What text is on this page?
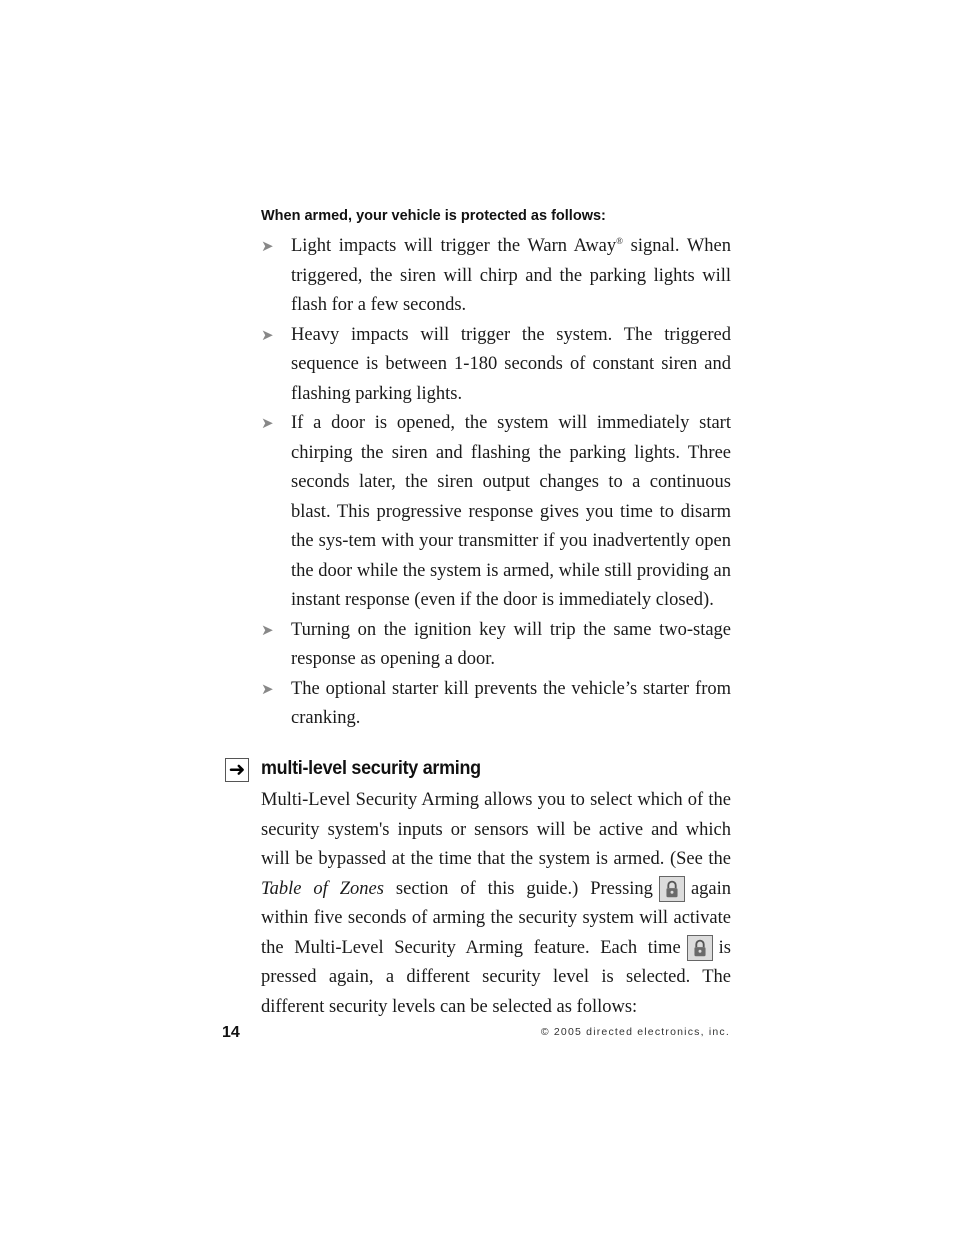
When armed, your vehicle is protected as follows:
➤ Light impacts will trigger the Warn Away® signal. When triggered, the siren will chirp and the parking lights will flash for a few seconds.
➤ Heavy impacts will trigger the system. The triggered sequence is between 1-180 seconds of constant siren and flashing parking lights.
➤ If a door is opened, the system will immediately start chirping the siren and flashing the parking lights. Three seconds later, the siren output changes to a continuous blast. This progressive response gives you time to disarm the sys-tem with your transmitter if you inadvertently open the door while the system is armed, while still providing an instant response (even if the door is immediately closed).
➤ Turning on the ignition key will trip the same two-stage response as opening a door.
➤ The optional starter kill prevents the vehicle’s starter from cranking.
➜ multi-level security arming
Multi-Level Security Arming allows you to select which of the security system's inputs or sensors will be active and which will be bypassed at the time that the system is armed. (See the Table of Zones section of this guide.) Pressing again within five seconds of arming the security system will activate the Multi-Level Security Arming feature. Each time is pressed again, a different security level is selected. The different security levels can be selected as follows:
14	© 2005 directed electronics, inc.
